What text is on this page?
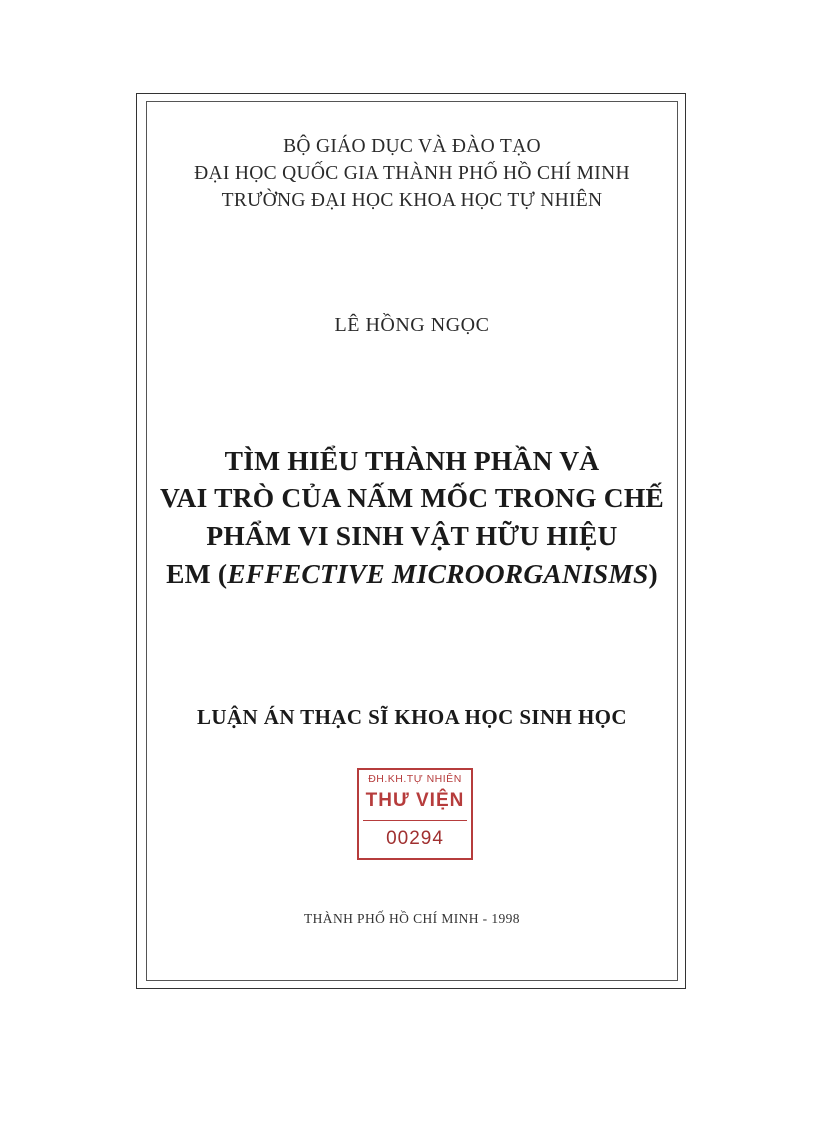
BỘ GIÁO DỤC VÀ ĐÀO TẠO
ĐẠI HỌC QUỐC GIA THÀNH PHỐ HỒ CHÍ MINH
TRƯỜNG ĐẠI HỌC KHOA HỌC TỰ NHIÊN
LÊ HỒNG NGỌC
TÌM HIỂU THÀNH PHẦN VÀ
VAI TRÒ CỦA NẤM MỐC TRONG CHẾ
PHẨM VI SINH VẬT HỮU HIỆU
EM (EFFECTIVE MICROORGANISMS)
LUẬN ÁN THẠC SĨ KHOA HỌC SINH HỌC
ĐH.KH.TỰ NHIÊN
THƯ VIỆN
00294
THÀNH PHỐ HỒ CHÍ MINH - 1998
